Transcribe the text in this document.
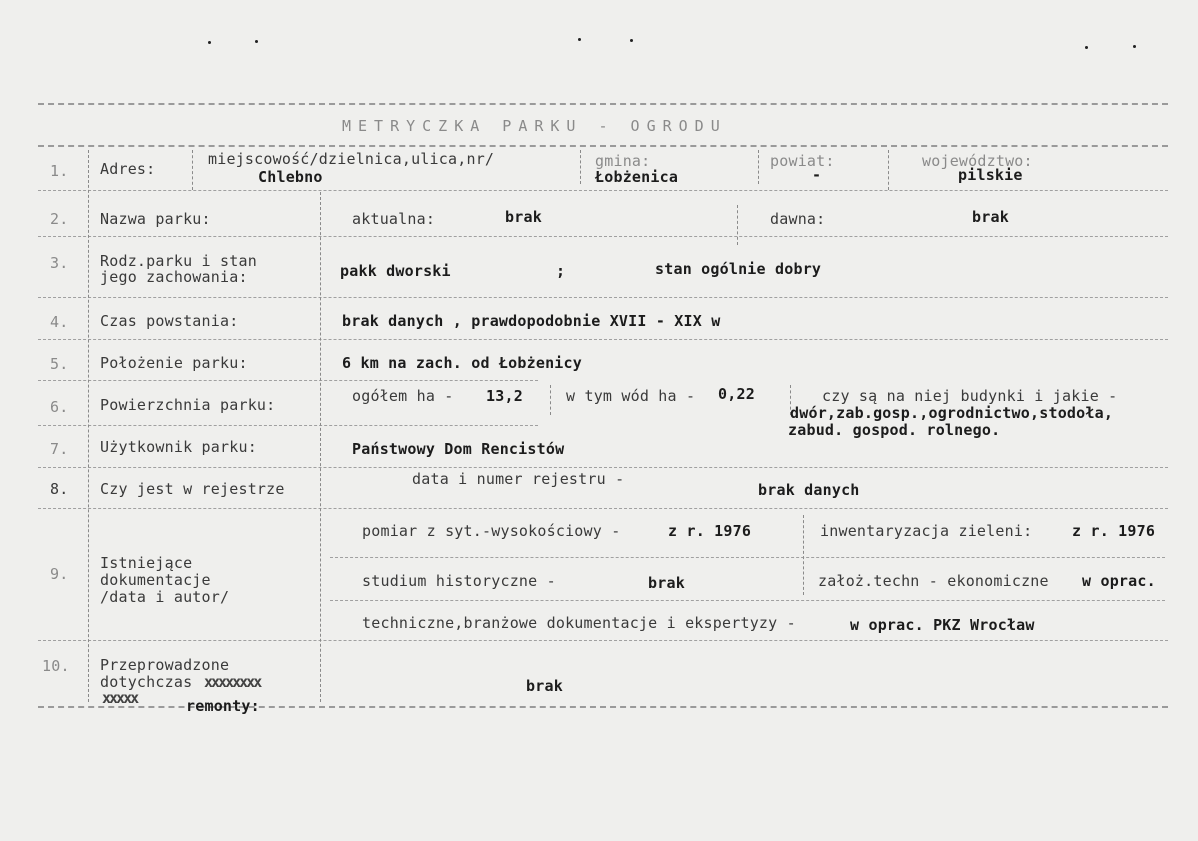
METRYCZKA PARKU - OGRODU
1. Adres:
miejscowość/dzielnica,ulica,nr/
Chlebno
gmina:
Łobżenica
powiat:
-
województwo:
pilskie
2. Nazwa parku:	aktualna:	brak	dawna:	brak
3. Rodz.parku i stan
jego zachowania:	pakk dworski	;	stan ogólnie dobry
4. Czas powstania:	brak danych , prawdopodobnie XVII - XIX w
5. Położenie parku:	6 km na zach. od Łobżenicy
6. Powierzchnia parku:	ogółem ha - 13,2	w tym wód ha - 0,22	czy są na niej budynki i jakie -
dwór,zab.gosp.,ogrodnictwo,stodoła,
zabud. gospod. rolnego.
7. Użytkownik parku:	Państwowy Dom Rencistów
8. Czy jest w rejestrze
data i numer rejestru -
brak danych
9.
Istniejące
dokumentacje
/data i autor/
pomiar z syt.-wysokościowy -	z r. 1976	inwentaryzacja zieleni:	z r. 1976
studium historyczne -	brak	założ.techn - ekonomiczne w oprac.
techniczne,branżowe dokumentacje i ekspertyzy -	w oprac. PKZ Wrocław
10. Przeprowadzone
dotychczas xxxxxxxx
xxxxx	remonty:
brak
